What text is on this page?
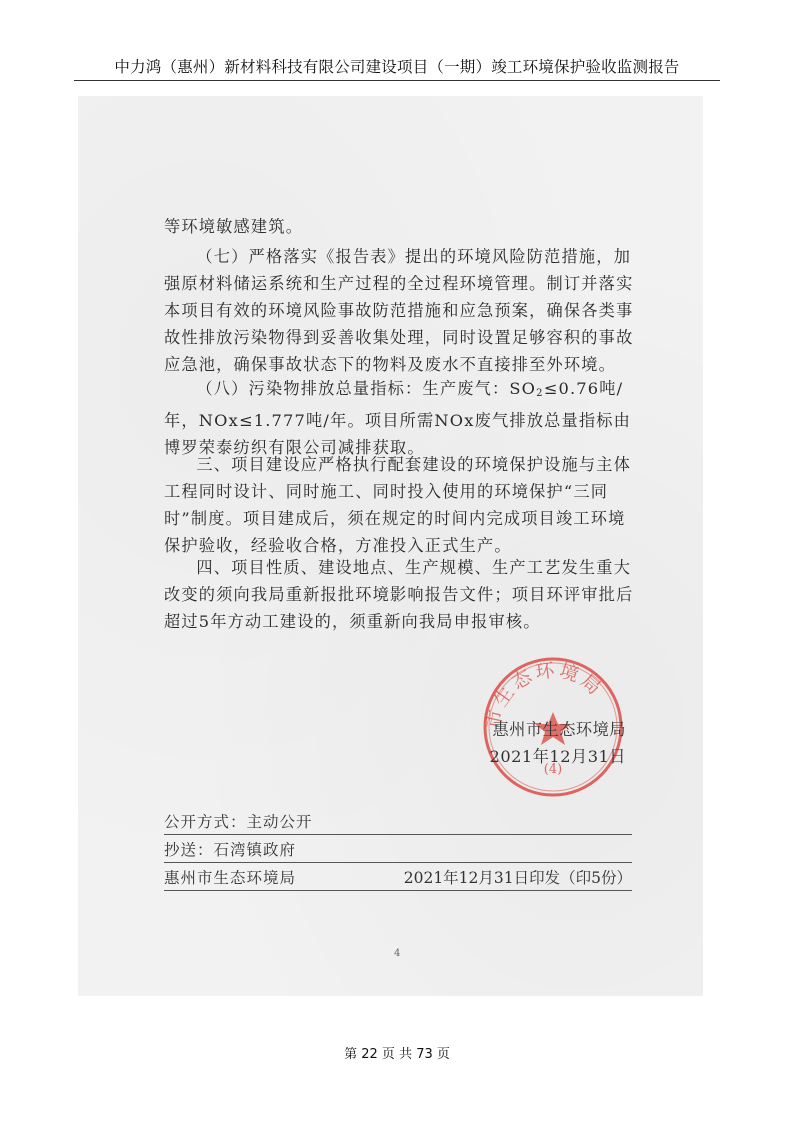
中力鸿（惠州）新材料科技有限公司建设项目（一期）竣工环境保护验收监测报告
等环境敏感建筑。
（七）严格落实《报告表》提出的环境风险防范措施，加强原材料储运系统和生产过程的全过程环境管理。制订并落实本项目有效的环境风险事故防范措施和应急预案，确保各类事故性排放污染物得到妥善收集处理，同时设置足够容积的事故应急池，确保事故状态下的物料及废水不直接排至外环境。
（八）污染物排放总量指标：生产废气：$SO_2\le 0.76$吨/年，NOx≤1.777吨/年。项目所需NOx废气排放总量指标由博罗荣泰纺织有限公司减排获取。
三、项目建设应严格执行配套建设的环境保护设施与主体工程同时设计、同时施工、同时投入使用的环境保护“三同时”制度。项目建成后，须在规定的时间内完成项目竣工环境保护验收，经验收合格，方准投入正式生产。
四、项目性质、建设地点、生产规模、生产工艺发生重大改变的须向我局重新报批环境影响报告文件；项目环评审批后超过5年方动工建设的，须重新向我局申报审核。
市生态环境局
(4)
惠州市生态环境局
2021年12月31日
公开方式：主动公开
抄送：石湾镇政府
惠州市生态环境局	2021年12月31日印发（印5份）
4
第 22 页 共 73 页
